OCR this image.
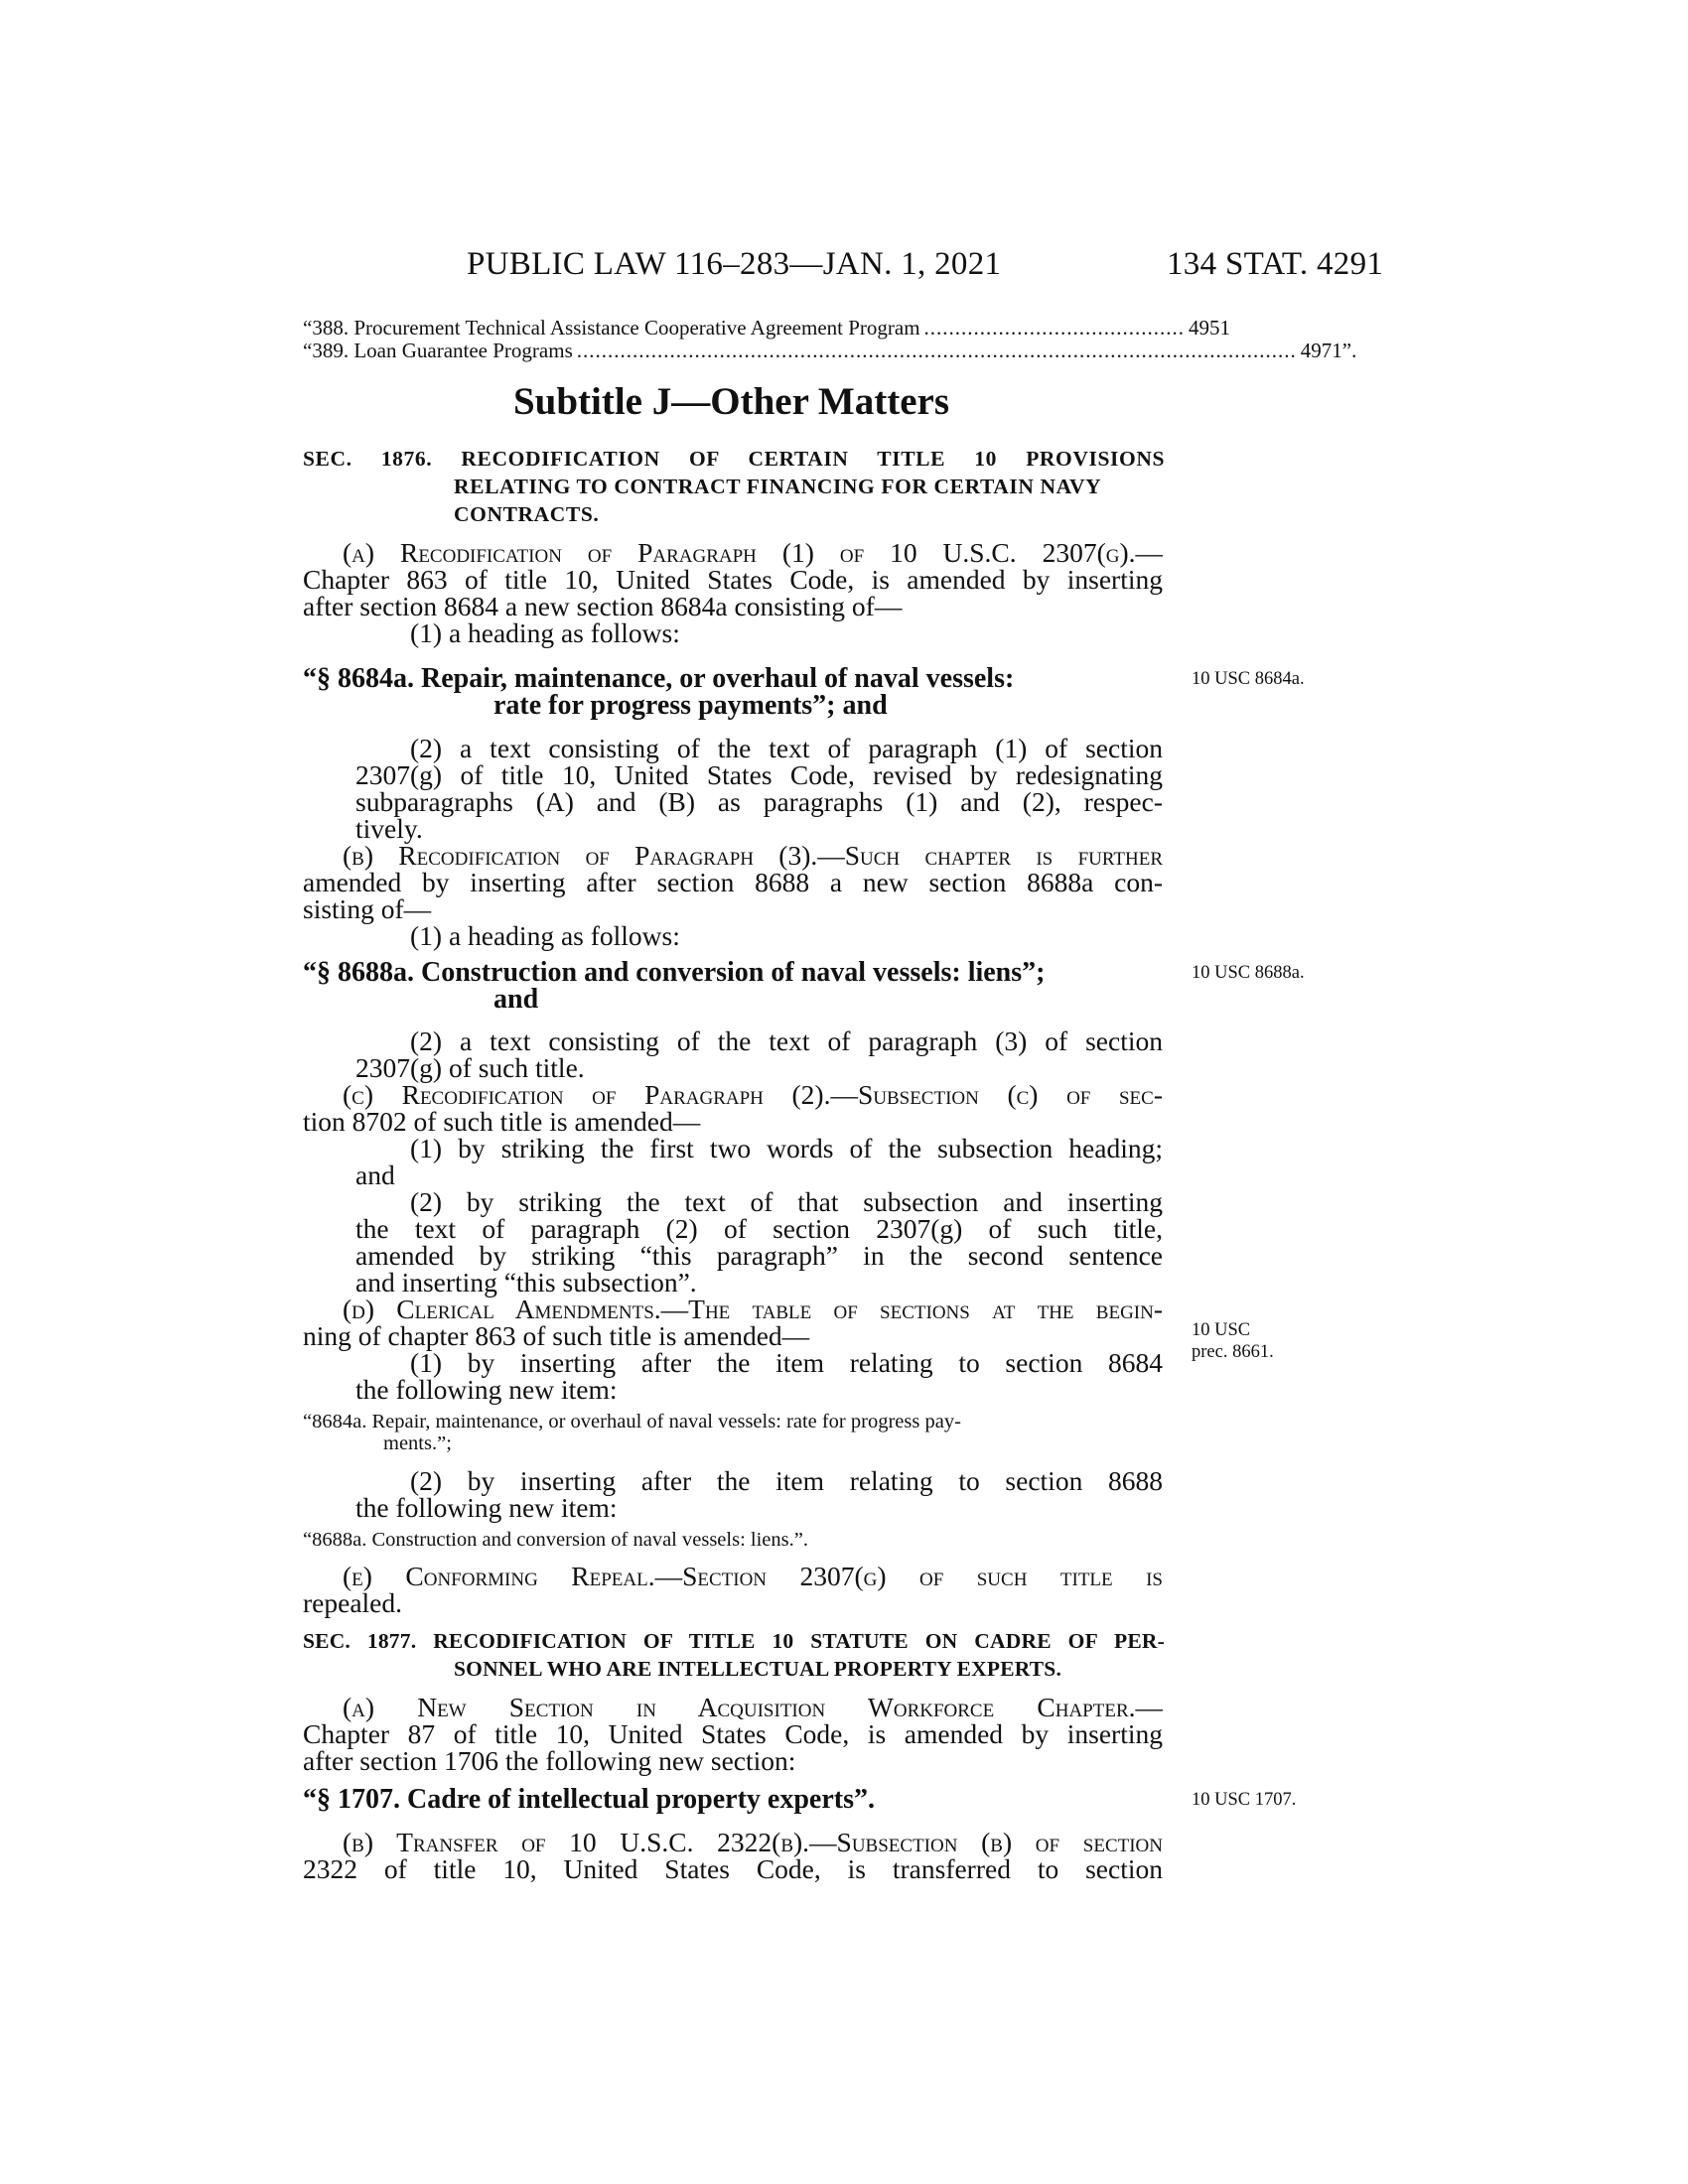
PUBLIC LAW 116–283—JAN. 1, 2021	134 STAT. 4291
“388. Procurement Technical Assistance Cooperative Agreement Program .......................................... 4951
“389. Loan Guarantee Programs .................................................................................................................... 4971”.
Subtitle J—Other Matters
SEC. 1876. RECODIFICATION OF CERTAIN TITLE 10 PROVISIONS
RELATING TO CONTRACT FINANCING FOR CERTAIN NAVY
CONTRACTS.
(a) Recodification of Paragraph (1) of 10 U.S.C. 2307(g).—
Chapter 863 of title 10, United States Code, is amended by inserting
after section 8684 a new section 8684a consisting of—
(1) a heading as follows:
“§ 8684a. Repair, maintenance, or overhaul of naval vessels:
rate for progress payments”; and
10 USC 8684a.
(2) a text consisting of the text of paragraph (1) of section
2307(g) of title 10, United States Code, revised by redesignating
subparagraphs (A) and (B) as paragraphs (1) and (2), respec-
tively.
(b) Recodification of Paragraph (3).—Such chapter is further
amended by inserting after section 8688 a new section 8688a con-
sisting of—
(1) a heading as follows:
“§ 8688a. Construction and conversion of naval vessels: liens”;
and
10 USC 8688a.
(2) a text consisting of the text of paragraph (3) of section
2307(g) of such title.
(c) Recodification of Paragraph (2).—Subsection (c) of sec-
tion 8702 of such title is amended—
(1) by striking the first two words of the subsection heading;
and
(2) by striking the text of that subsection and inserting
the text of paragraph (2) of section 2307(g) of such title,
amended by striking “this paragraph” in the second sentence
and inserting “this subsection”.
(d) Clerical Amendments.—The table of sections at the begin-
ning of chapter 863 of such title is amended—	10 USC
prec. 8661.
(1) by inserting after the item relating to section 8684
the following new item:
“8684a. Repair, maintenance, or overhaul of naval vessels: rate for progress pay-
ments.”;
(2) by inserting after the item relating to section 8688
the following new item:
“8688a. Construction and conversion of naval vessels: liens.”.
(e) Conforming Repeal.—Section 2307(g) of such title is
repealed.
SEC. 1877. RECODIFICATION OF TITLE 10 STATUTE ON CADRE OF PER-
SONNEL WHO ARE INTELLECTUAL PROPERTY EXPERTS.
(a) New Section in Acquisition Workforce Chapter.—
Chapter 87 of title 10, United States Code, is amended by inserting
after section 1706 the following new section:
“§ 1707. Cadre of intellectual property experts”.	10 USC 1707.
(b) Transfer of 10 U.S.C. 2322(b).—Subsection (b) of section
2322 of title 10, United States Code, is transferred to section
